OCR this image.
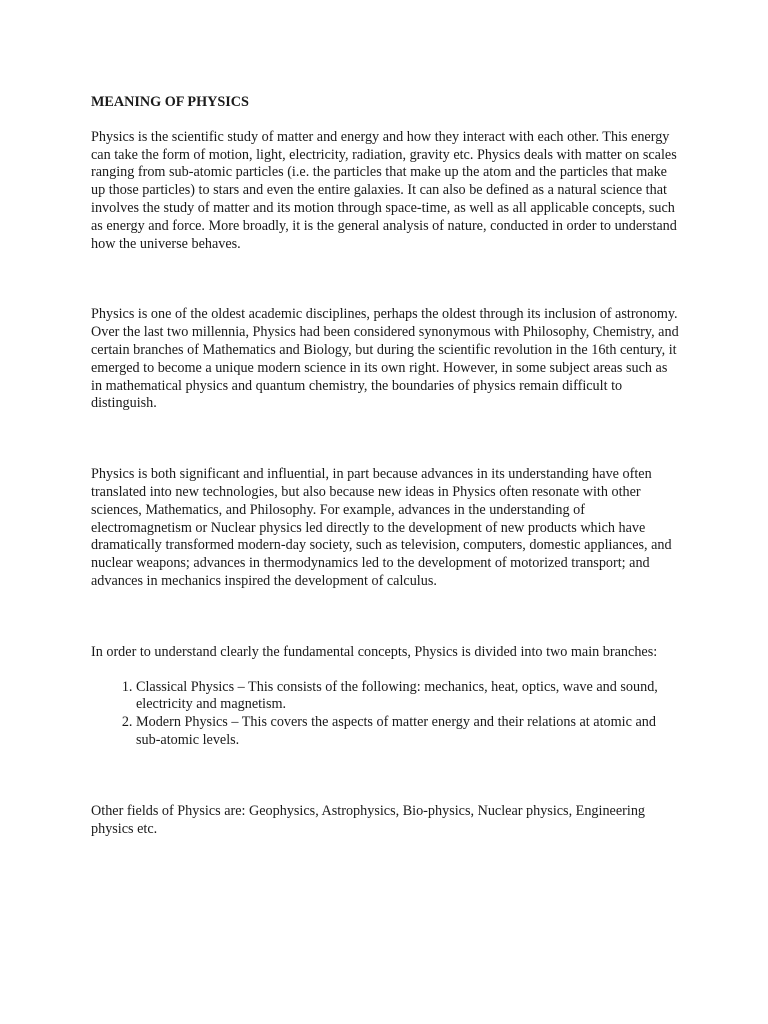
MEANING OF PHYSICS

Physics is the scientific study of matter and energy and how they interact with each other. This energy can take the form of motion, light, electricity, radiation, gravity etc. Physics deals with matter on scales ranging from sub-atomic particles (i.e. the particles that make up the atom and the particles that make up those particles) to stars and even the entire galaxies. It can also be defined as a natural science that involves the study of matter and its motion through space-time, as well as all applicable concepts, such as energy and force. More broadly, it is the general analysis of nature, conducted in order to understand how the universe behaves.

Physics is one of the oldest academic disciplines, perhaps the oldest through its inclusion of astronomy. Over the last two millennia, Physics had been considered synonymous with Philosophy, Chemistry, and certain branches of Mathematics and Biology, but during the scientific revolution in the 16th century, it emerged to become a unique modern science in its own right. However, in some subject areas such as in mathematical physics and quantum chemistry, the boundaries of physics remain difficult to distinguish.

Physics is both significant and influential, in part because advances in its understanding have often translated into new technologies, but also because new ideas in Physics often resonate with other sciences, Mathematics, and Philosophy. For example, advances in the understanding of electromagnetism or Nuclear physics led directly to the development of new products which have dramatically transformed modern-day society, such as television, computers, domestic appliances, and nuclear weapons; advances in thermodynamics led to the development of motorized transport; and advances in mechanics inspired the development of calculus.

In order to understand clearly the fundamental concepts, Physics is divided into two main branches:

1. Classical Physics – This consists of the following: mechanics, heat, optics, wave and sound, electricity and magnetism.
2. Modern Physics – This covers the aspects of matter energy and their relations at atomic and sub-atomic levels.

Other fields of Physics are: Geophysics, Astrophysics, Bio-physics, Nuclear physics, Engineering physics etc.
